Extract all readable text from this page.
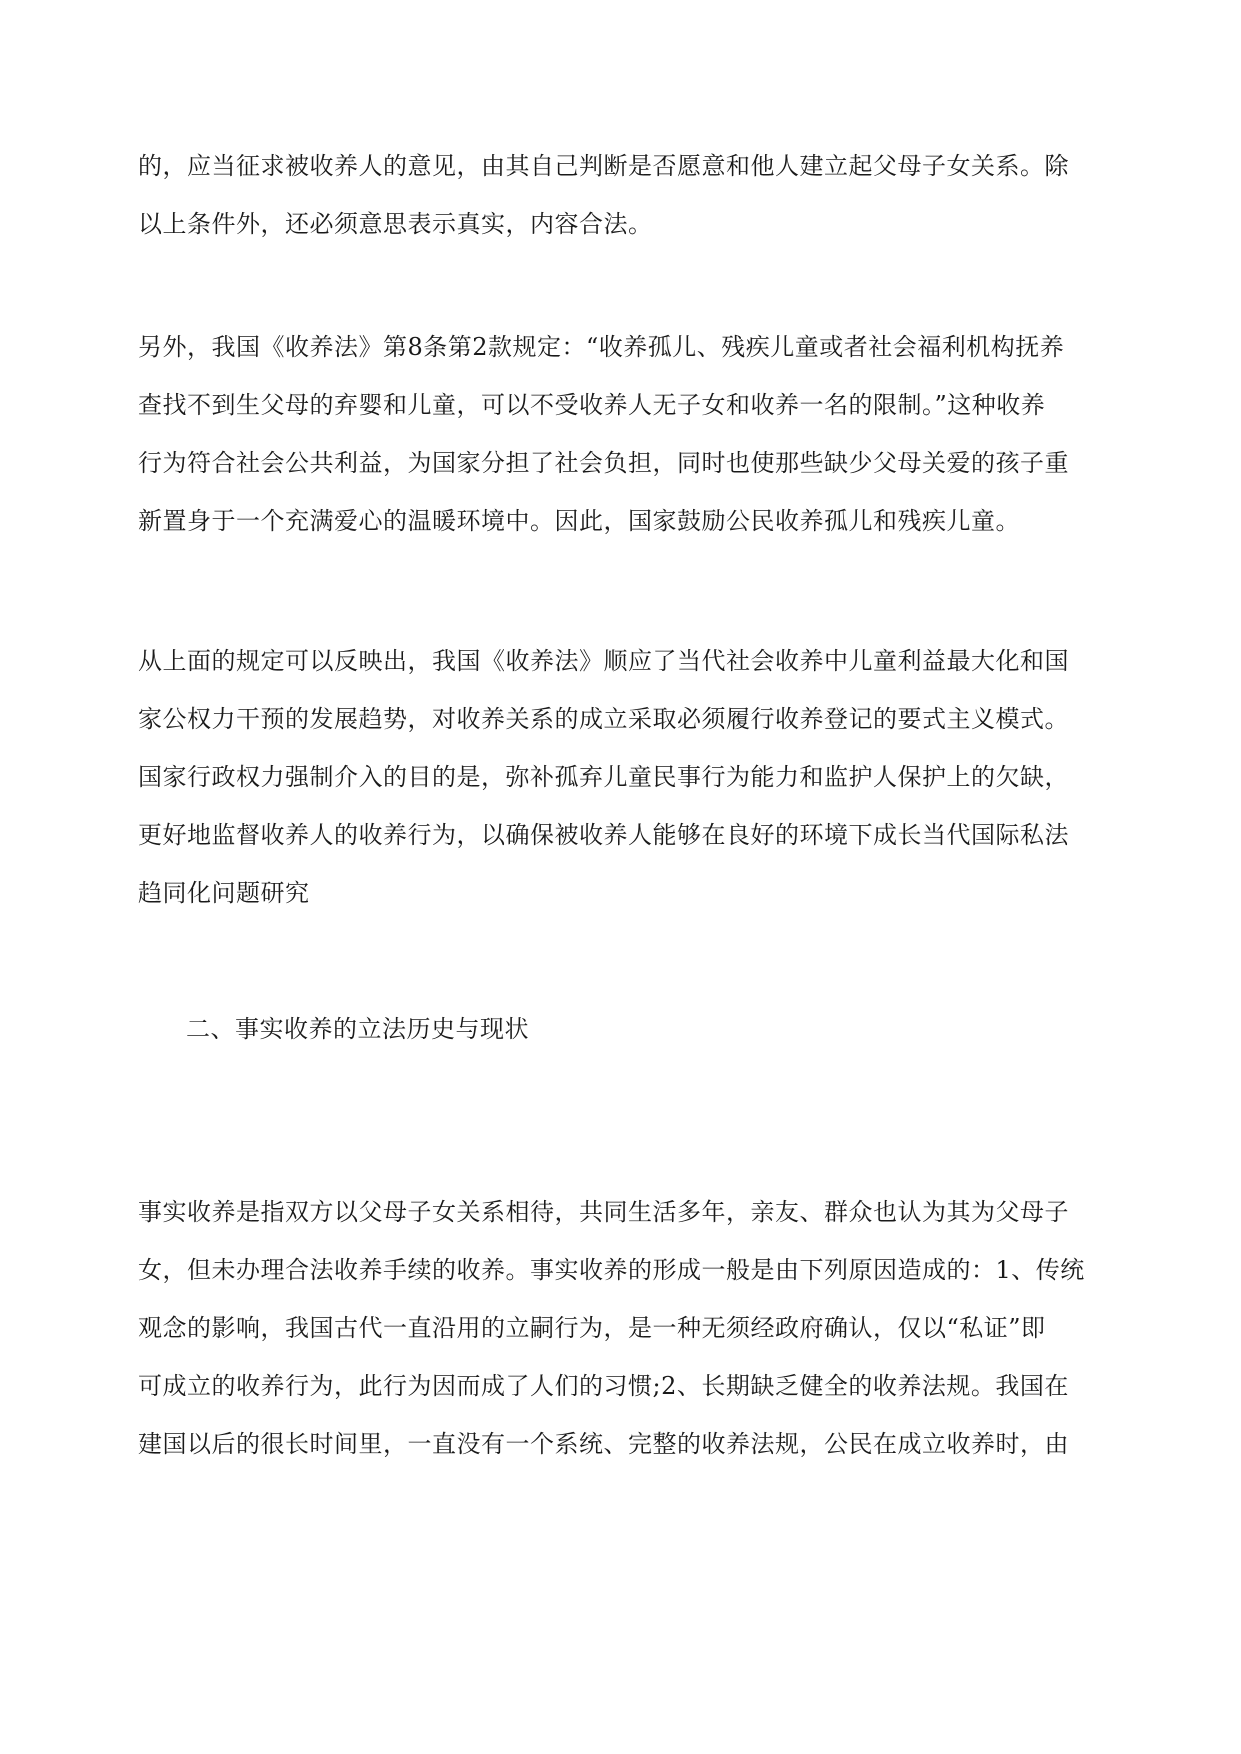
的，应当征求被收养人的意见，由其自己判断是否愿意和他人建立起父母子女关系。除
以上条件外，还必须意思表示真实，内容合法。
另外，我国《收养法》第8条第2款规定：“收养孤儿、残疾儿童或者社会福利机构抚养
查找不到生父母的弃婴和儿童，可以不受收养人无子女和收养一名的限制。”这种收养
行为符合社会公共利益，为国家分担了社会负担，同时也使那些缺少父母关爱的孩子重
新置身于一个充满爱心的温暖环境中。因此，国家鼓励公民收养孤儿和残疾儿童。
从上面的规定可以反映出，我国《收养法》顺应了当代社会收养中儿童利益最大化和国
家公权力干预的发展趋势，对收养关系的成立采取必须履行收养登记的要式主义模式。
国家行政权力强制介入的目的是，弥补孤弃儿童民事行为能力和监护人保护上的欠缺，
更好地监督收养人的收养行为，以确保被收养人能够在良好的环境下成长当代国际私法
趋同化问题研究
二、事实收养的立法历史与现状
事实收养是指双方以父母子女关系相待，共同生活多年，亲友、群众也认为其为父母子
女，但未办理合法收养手续的收养。事实收养的形成一般是由下列原因造成的：1、传统
观念的影响，我国古代一直沿用的立嗣行为，是一种无须经政府确认，仅以“私证”即
可成立的收养行为，此行为因而成了人们的习惯;2、长期缺乏健全的收养法规。我国在
建国以后的很长时间里，一直没有一个系统、完整的收养法规，公民在成立收养时，由
